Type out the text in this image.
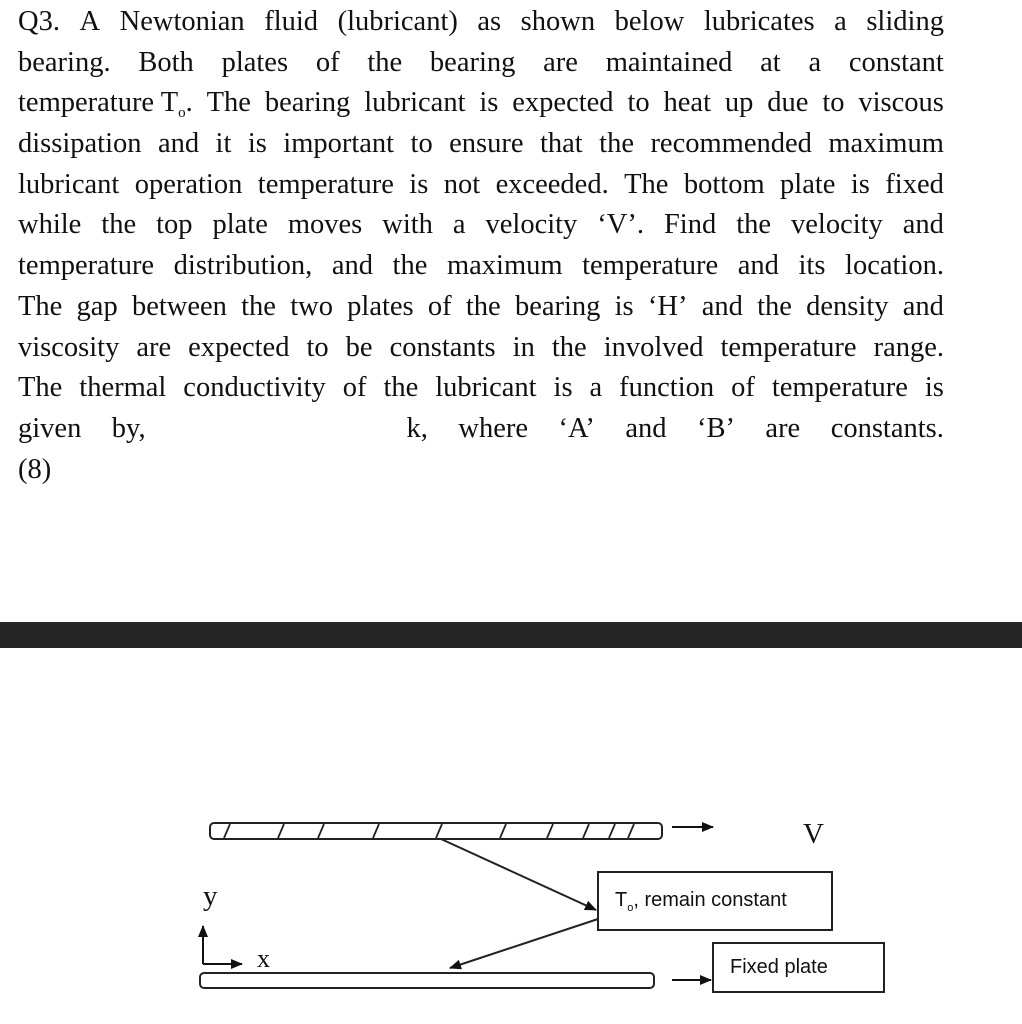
Q3. A Newtonian fluid (lubricant) as shown below lubricates a sliding
bearing. Both plates of the bearing are maintained at a constant
temperature $T_o$. The bearing lubricant is expected to heat up due to viscous
dissipation and it is important to ensure that the recommended maximum
lubricant operation temperature is not exceeded. The bottom plate is fixed
while the top plate moves with a velocity ‘V’. Find the velocity and
temperature distribution, and the maximum temperature and its location.
The gap between the two plates of the bearing is ‘H’ and the density and
viscosity are expected to be constants in the involved temperature range.
The thermal conductivity of the lubricant is a function of temperature is
given by,	k, where ‘A’ and ‘B’ are constants.
(8)
V
y
x
$T_o$, remain constant
Fixed plate
